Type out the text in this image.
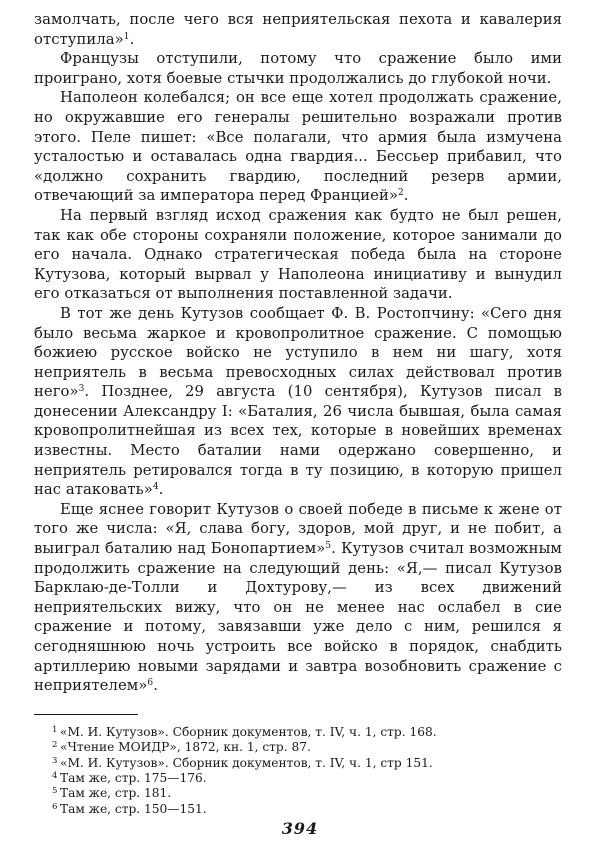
замолчать, после чего вся неприятельская пехота и кавалерия отступила»$^1$.

Французы отступили, потому что сражение было ими проиграно, хотя боевые стычки продолжались до глубокой ночи.

Наполеон колебался; он все еще хотел продолжать сражение, но окружавшие его генералы решительно возражали против этого. Пеле пишет: «Все полагали, что армия была измучена усталостью и оставалась одна гвардия... Бессьер прибавил, что «должно сохранить гвардию, последний резерв армии, отвечающий за императора перед Францией»$^2$.

На первый взгляд исход сражения как будто не был решен, так как обе стороны сохраняли положение, которое занимали до его начала. Однако стратегическая победа была на стороне Кутузова, который вырвал у Наполеона инициативу и вынудил его отказаться от выполнения поставленной задачи.

В тот же день Кутузов сообщает Ф. В. Ростопчину: «Сего дня было весьма жаркое и кровопролитное сражение. С помощью божиею русское войско не уступило в нем ни шагу, хотя неприятель в весьма превосходных силах действовал против него»$^3$. Позднее, 29 августа (10 сентября), Кутузов писал в донесении Александру I: «Баталия, 26 числа бывшая, была самая кровопролитнейшая из всех тех, которые в новейших временах известны. Место баталии нами одержано совершенно, и неприятель ретировался тогда в ту позицию, в которую пришел нас атаковать»$^4$.

Еще яснее говорит Кутузов о своей победе в письме к жене от того же числа: «Я, слава богу, здоров, мой друг, и не побит, а выиграл баталию над Бонопартием»$^5$. Кутузов считал возможным продолжить сражение на следующий день: «Я,— писал Кутузов Барклаю-де-Толли и Дохтурову,— из всех движений неприятельских вижу, что он не менее нас ослабел в сие сражение и потому, завязавши уже дело с ним, решился я сегодняшнюю ночь устроить все войско в порядок, снабдить артиллерию новыми зарядами и завтра возобновить сражение с неприятелем»$^6$.

1 «М. И. Кутузов». Сборник документов, т. IV, ч. 1, стр. 168.
2 «Чтение МОИДР», 1872, кн. 1, стр. 87.
3 «М. И. Кутузов». Сборник документов, т. IV, ч. 1, стр 151.
4 Там же, стр. 175—176.
5 Там же, стр. 181.
6 Там же, стр. 150—151.
394
